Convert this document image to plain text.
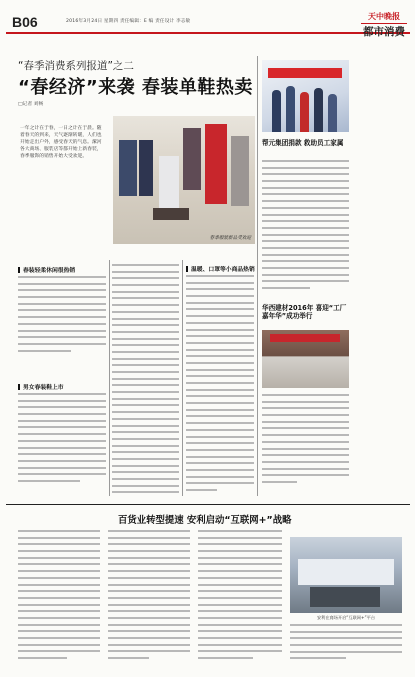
B06	2016年3月24日 星期四 责任编辑：E 编 责任设计 李志敏
天中晚报
都市消费
“春季消费系列报道”之二
“春经济”来袭 春装单鞋热卖
□记者 刘畅
一年之计在于春，一日之计在于晨。随着春天的到来，天气逐渐转暖，人们也开始走出户外，感受春天的气息。漯河各大商场、服装店等都开始上新春装，春季服饰的销售开始大受欢迎。
春季服装新品受欢迎
春装轻柔休闲很热销	温暖、口罩等小商品热销
男女春装鞋上市
帮元集团捐款 救助员工家属
华西建材2016年 喜迎“工厂嘉年华”成功举行
百货业转型提速 安利启动“互联网+”战略
安利在商场开启“互联网+”平台
